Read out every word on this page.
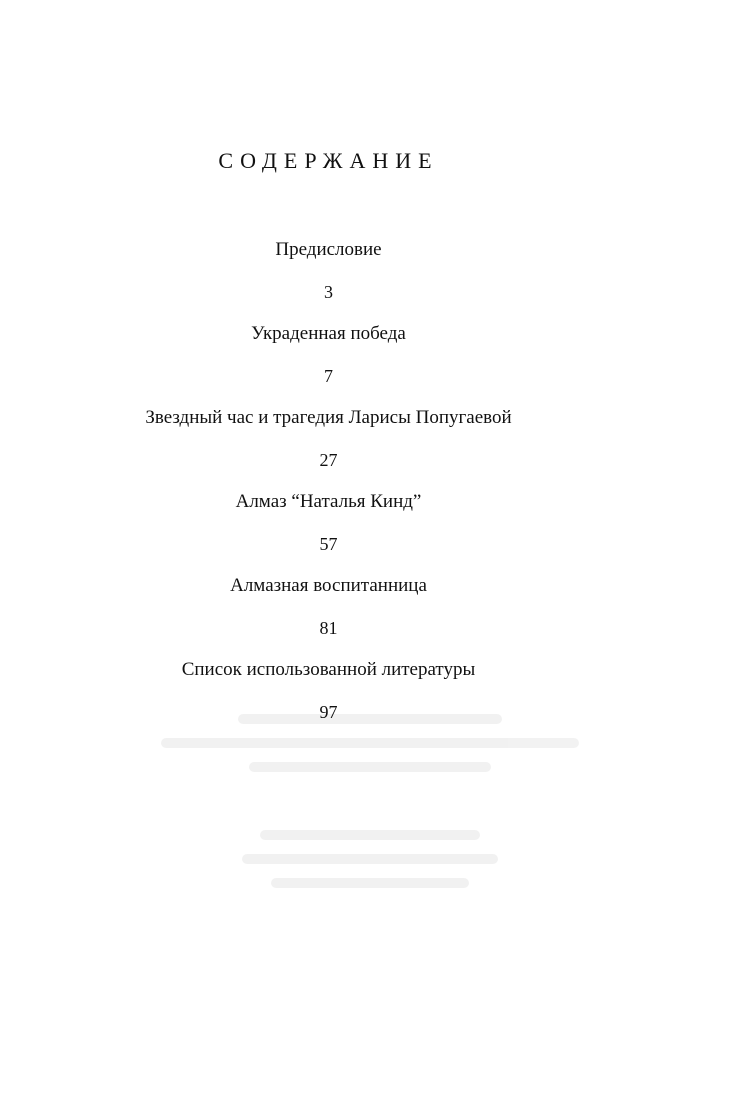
СОДЕРЖАНИЕ
Предисловие
3
Украденная победа
7
Звездный час и трагедия Ларисы Попугаевой
27
Алмаз “Наталья Кинд”
57
Алмазная воспитанница
81
Список использованной литературы
97
